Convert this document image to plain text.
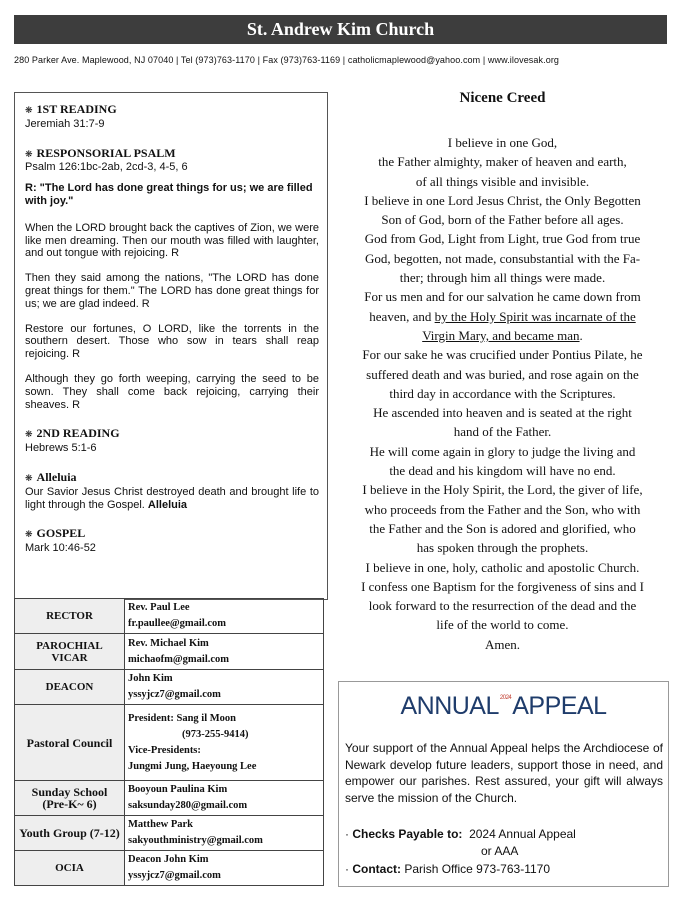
St. Andrew Kim Church
280 Parker Ave. Maplewood, NJ 07040 | Tel (973)763-1170 | Fax (973)763-1169 | catholicmaplewood@yahoo.com | www.ilovesak.org
❋ 1ST READING
Jeremiah 31:7-9
❋ RESPONSORIAL PSALM
Psalm 126:1bc-2ab, 2cd-3, 4-5, 6
R: "The Lord has done great things for us; we are filled with joy."
When the LORD brought back the captives of Zion, we were like men dreaming. Then our mouth was filled with laughter, and out tongue with rejoicing. R
Then they said among the nations, "The LORD has done great things for them." The LORD has done great things for us; we are glad indeed. R
Restore our fortunes, O LORD, like the torrents in the southern desert. Those who sow in tears shall reap rejoicing. R
Although they go forth weeping, carrying the seed to be sown. They shall come back rejoicing, carrying their sheaves. R
❋ 2ND READING
Hebrews 5:1-6
❋ Alleluia
Our Savior Jesus Christ destroyed death and brought life to light through the Gospel. Alleluia
❋ GOSPEL
Mark 10:46-52
RECTOR	Rev. Paul Lee
fr.paullee@gmail.com

PAROCHIAL VICAR	Rev. Michael Kim
michaofm@gmail.com

DEACON	John Kim
yssyjcz7@gmail.com

Pastoral Council	President: Sang il Moon
(973-255-9414)
Vice-Presidents:
Jungmi Jung, Haeyoung Lee

Sunday School (Pre-K~ 6)	Booyoun Paulina Kim
saksunday280@gmail.com

Youth Group (7-12)	Matthew Park
sakyouthministry@gmail.com

OCIA	Deacon John Kim
yssyjcz7@gmail.com
Nicene Creed
I believe in one God,
the Father almighty, maker of heaven and earth,
of all things visible and invisible.
I believe in one Lord Jesus Christ, the Only Begotten
Son of God, born of the Father before all ages.
God from God, Light from Light, true God from true
God, begotten, not made, consubstantial with the Fa-
ther; through him all things were made.
For us men and for our salvation he came down from
heaven, and by the Holy Spirit was incarnate of the
Virgin Mary, and became man.
For our sake he was crucified under Pontius Pilate, he
suffered death and was buried, and rose again on the
third day in accordance with the Scriptures.
He ascended into heaven and is seated at the right
hand of the Father.
He will come again in glory to judge the living and
the dead and his kingdom will have no end.
I believe in the Holy Spirit, the Lord, the giver of life,
who proceeds from the Father and the Son, who with
the Father and the Son is adored and glorified, who
has spoken through the prophets.
I believe in one, holy, catholic and apostolic Church.
I confess one Baptism for the forgiveness of sins and I
look forward to the resurrection of the dead and the
life of the world to come.
Amen.
$ANNUAL^{2024}APPEAL$
Your support of the Annual Appeal helps the Archdiocese of Newark develop future leaders, support those in need, and empower our parishes. Rest assured, your gift will always serve the mission of the Church.
· Checks Payable to: 2024 Annual Appeal
or AAA
· Contact: Parish Office 973-763-1170
